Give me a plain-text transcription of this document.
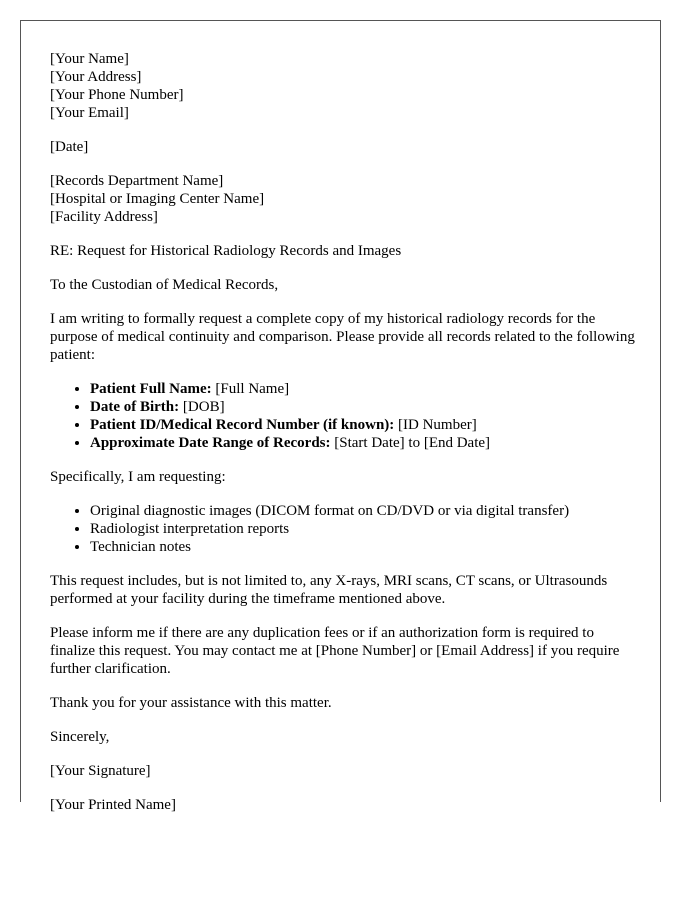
[Your Name]
[Your Address]
[Your Phone Number]
[Your Email]

[Date]

[Records Department Name]
[Hospital or Imaging Center Name]
[Facility Address]

RE: Request for Historical Radiology Records and Images

To the Custodian of Medical Records,

I am writing to formally request a complete copy of my historical radiology records for the purpose of medical continuity and comparison. Please provide all records related to the following patient:

• Patient Full Name: [Full Name]
• Date of Birth: [DOB]
• Patient ID/Medical Record Number (if known): [ID Number]
• Approximate Date Range of Records: [Start Date] to [End Date]

Specifically, I am requesting:

• Original diagnostic images (DICOM format on CD/DVD or via digital transfer)
• Radiologist interpretation reports
• Technician notes

This request includes, but is not limited to, any X-rays, MRI scans, CT scans, or Ultrasounds performed at your facility during the timeframe mentioned above.

Please inform me if there are any duplication fees or if an authorization form is required to finalize this request. You may contact me at [Phone Number] or [Email Address] if you require further clarification.

Thank you for your assistance with this matter.

Sincerely,

[Your Signature]

[Your Printed Name]
